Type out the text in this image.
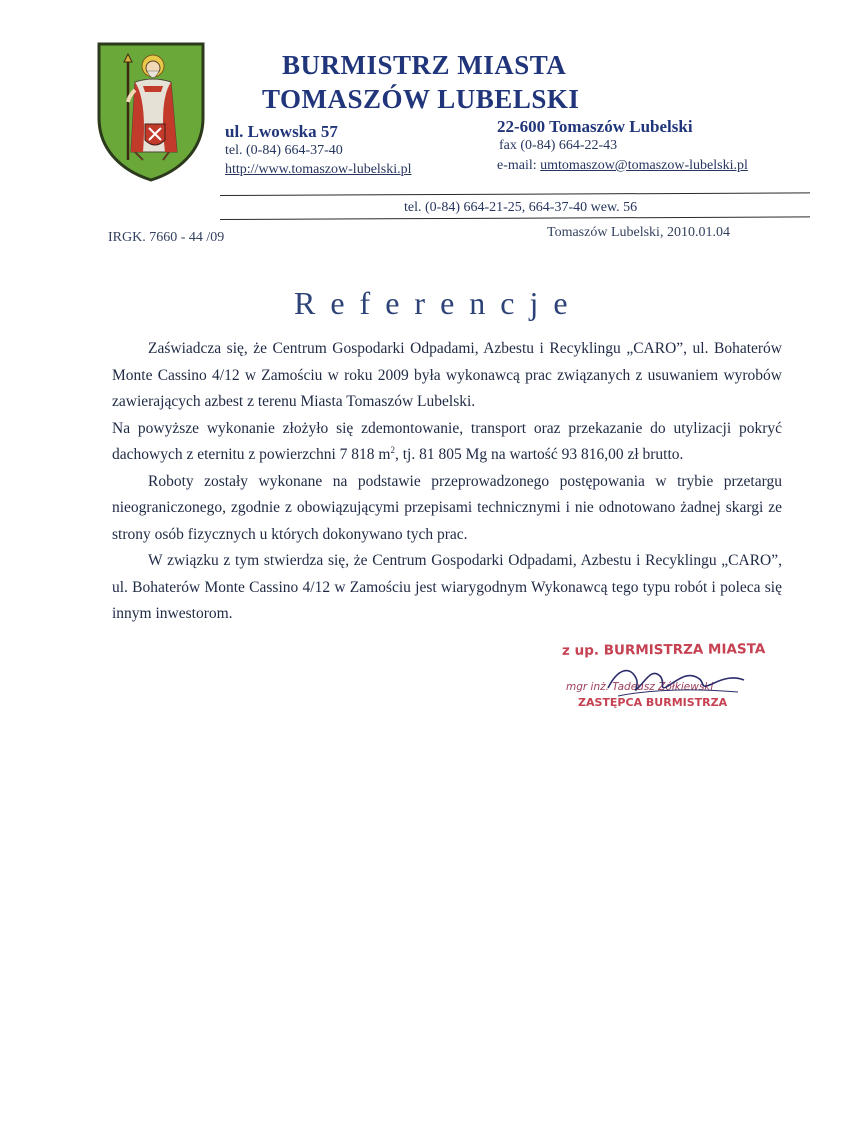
BURMISTRZ MIASTA
TOMASZÓW LUBELSKI
ul. Lwowska 57	22-600 Tomaszów Lubelski
tel. (0-84) 664-37-40	fax (0-84) 664-22-43
http://www.tomaszow-lubelski.pl	e-mail: umtomaszow@tomaszow-lubelski.pl
tel. (0-84) 664-21-25, 664-37-40 wew. 56
IRGK. 7660 - 44 /09	Tomaszów Lubelski, 2010.01.04
Referencje

Zaświadcza się, że Centrum Gospodarki Odpadami, Azbestu i Recyklingu „CARO”, ul. Bohaterów Monte Cassino 4/12 w Zamościu w roku 2009 była wykonawcą prac związanych z usuwaniem wyrobów zawierających azbest z terenu Miasta Tomaszów Lubelski.

Na powyższe wykonanie złożyło się zdemontowanie, transport oraz przekazanie do utylizacji pokryć dachowych z eternitu z powierzchni 7 818 $m^2$, tj. 81 805 Mg na wartość 93 816,00 zł brutto.

Roboty zostały wykonane na podstawie przeprowadzonego postępowania w trybie przetargu nieograniczonego, zgodnie z obowiązującymi przepisami technicznymi i nie odnotowano żadnej skargi ze strony osób fizycznych u których dokonywano tych prac.

W związku z tym stwierdza się, że Centrum Gospodarki Odpadami, Azbestu i Recyklingu „CARO”, ul. Bohaterów Monte Cassino 4/12 w Zamościu jest wiarygodnym Wykonawcą tego typu robót i poleca się innym inwestorom.

z up. BURMISTRZA MIASTA
mgr inż. Tadeusz Żółkiewski
ZASTĘPCA BURMISTRZA
